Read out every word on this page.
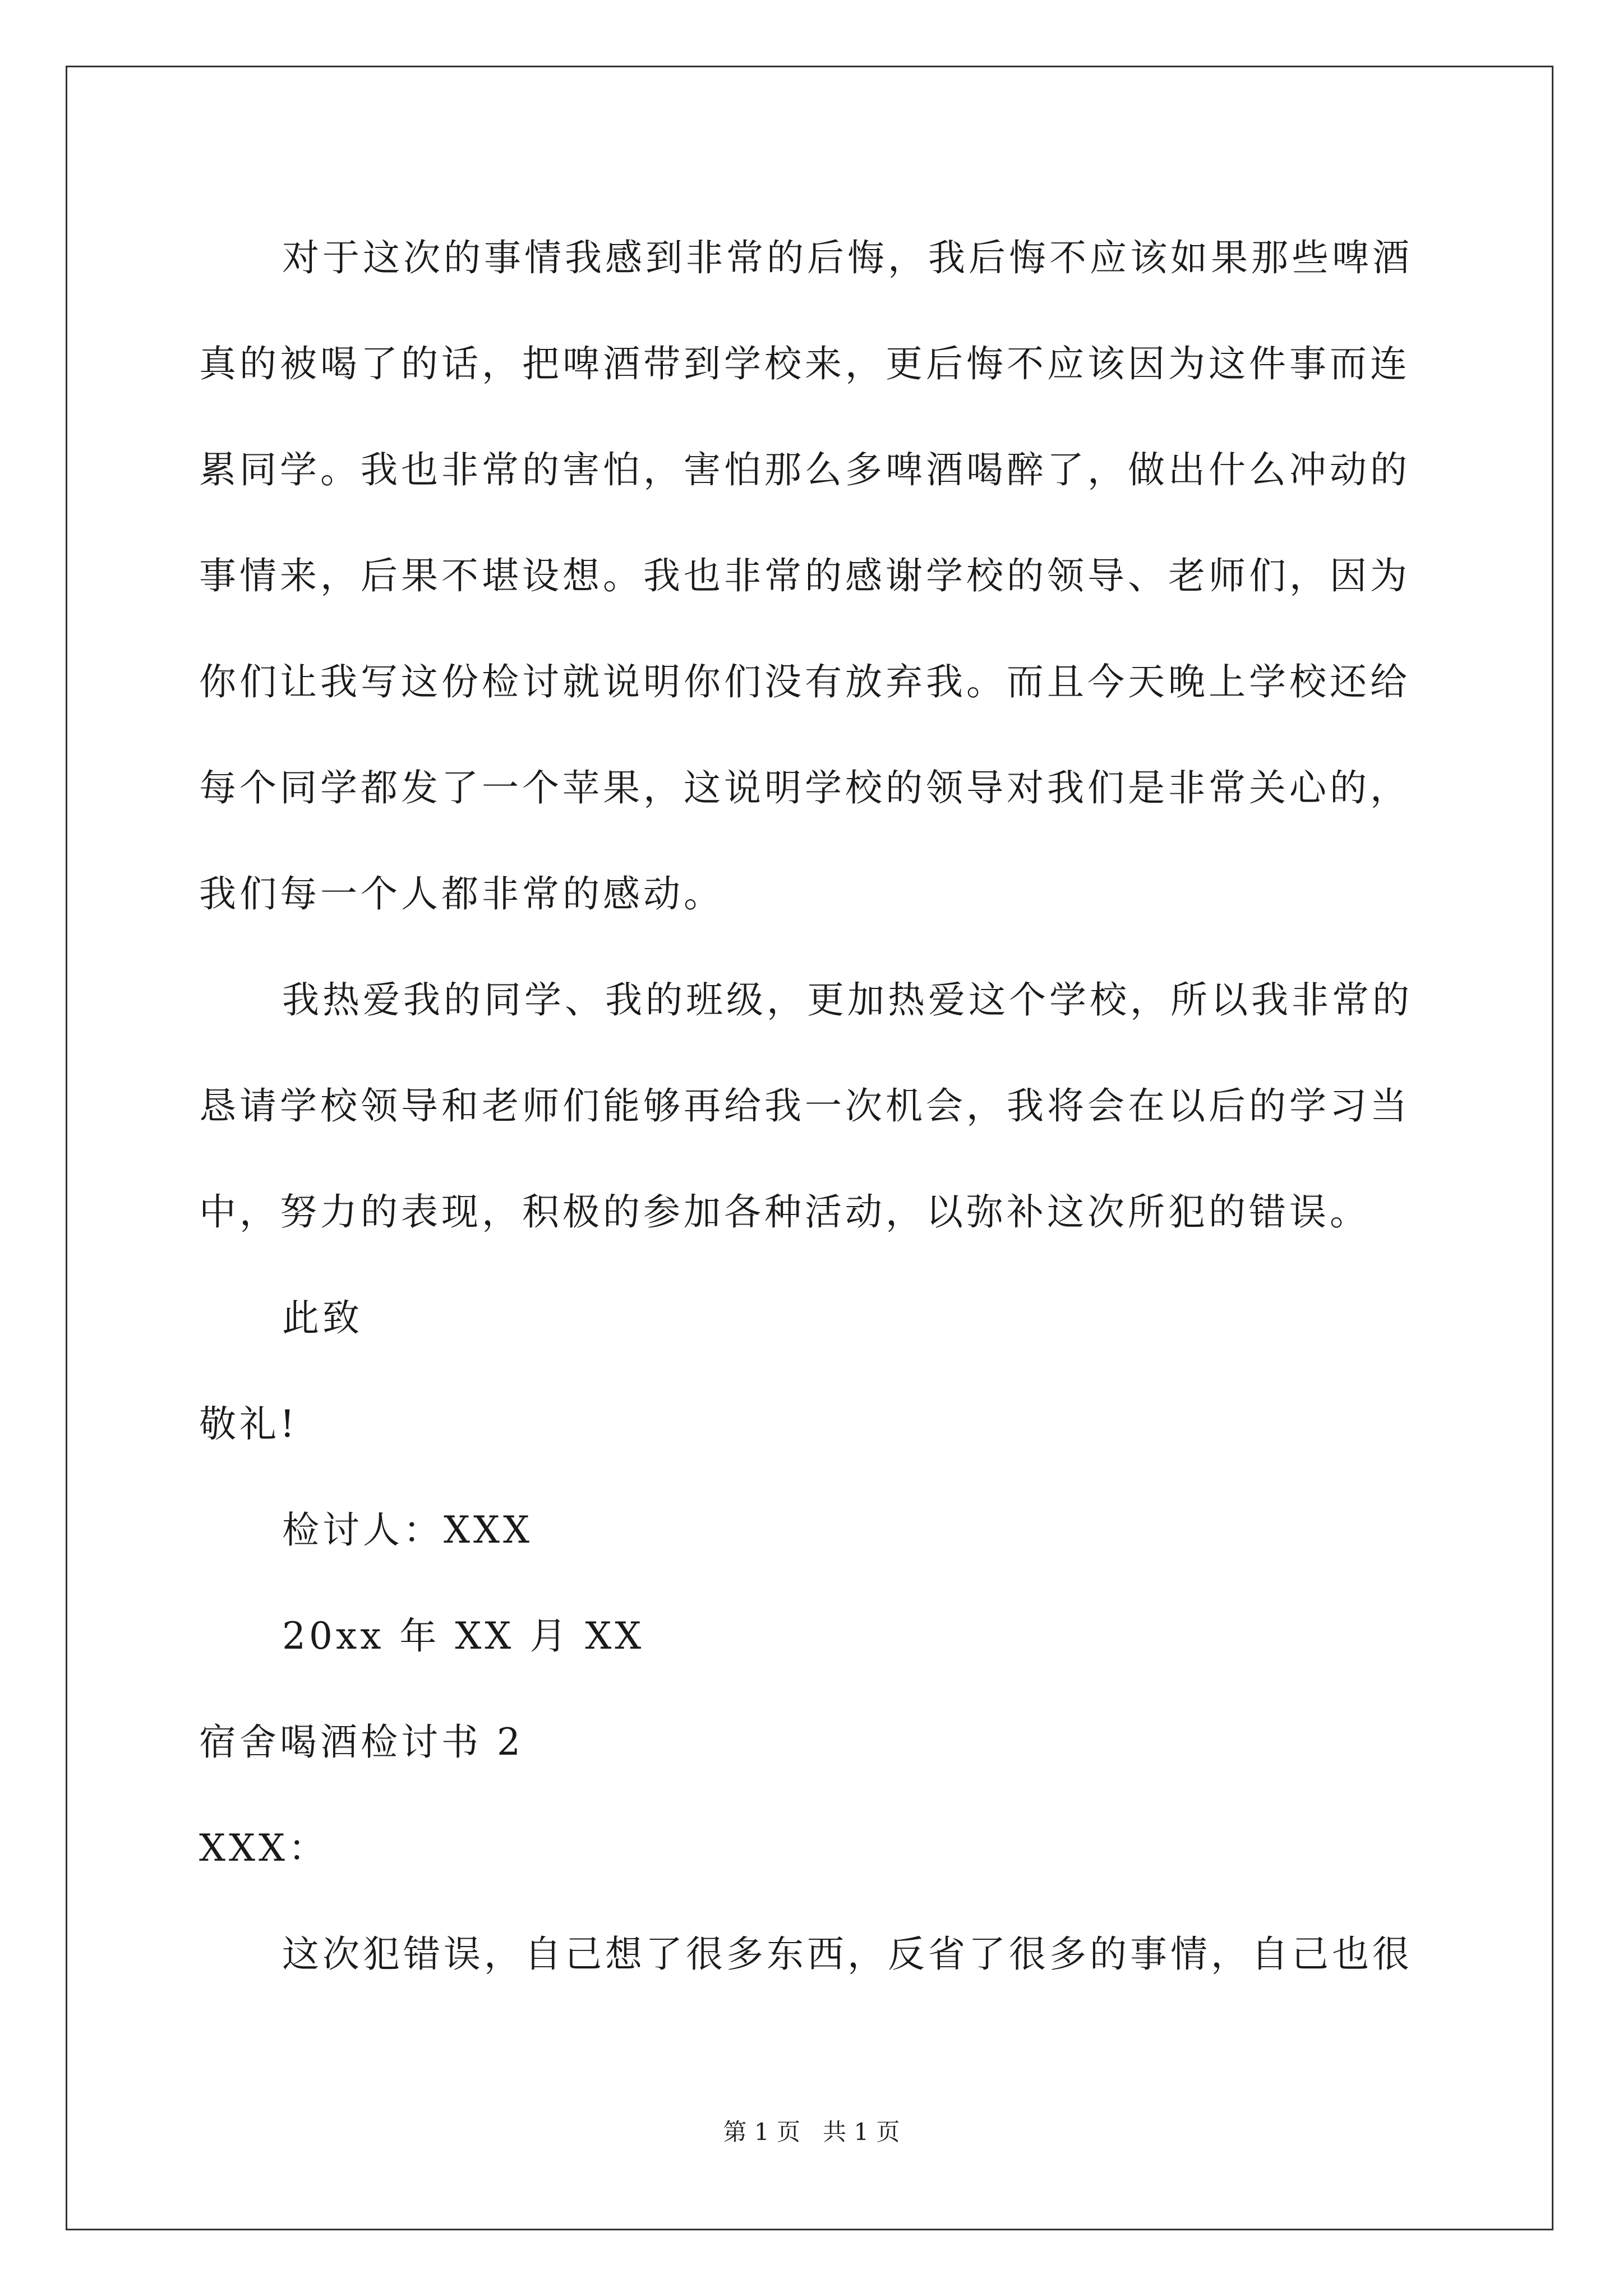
对于这次的事情我感到非常的后悔，我后悔不应该如果那些啤酒
真的被喝了的话，把啤酒带到学校来，更后悔不应该因为这件事而连
累同学。我也非常的害怕，害怕那么多啤酒喝醉了，做出什么冲动的
事情来，后果不堪设想。我也非常的感谢学校的领导、老师们，因为
你们让我写这份检讨就说明你们没有放弃我。而且今天晚上学校还给
每个同学都发了一个苹果，这说明学校的领导对我们是非常关心的，
我们每一个人都非常的感动。
我热爱我的同学、我的班级，更加热爱这个学校，所以我非常的
恳请学校领导和老师们能够再给我一次机会，我将会在以后的学习当
中，努力的表现，积极的参加各种活动，以弥补这次所犯的错误。
此致
敬礼!
检讨人：XXX
20xx 年 XX 月 XX
宿舍喝酒检讨书 2
XXX：
这次犯错误，自己想了很多东西，反省了很多的事情，自己也很
第 1 页   共 1 页
